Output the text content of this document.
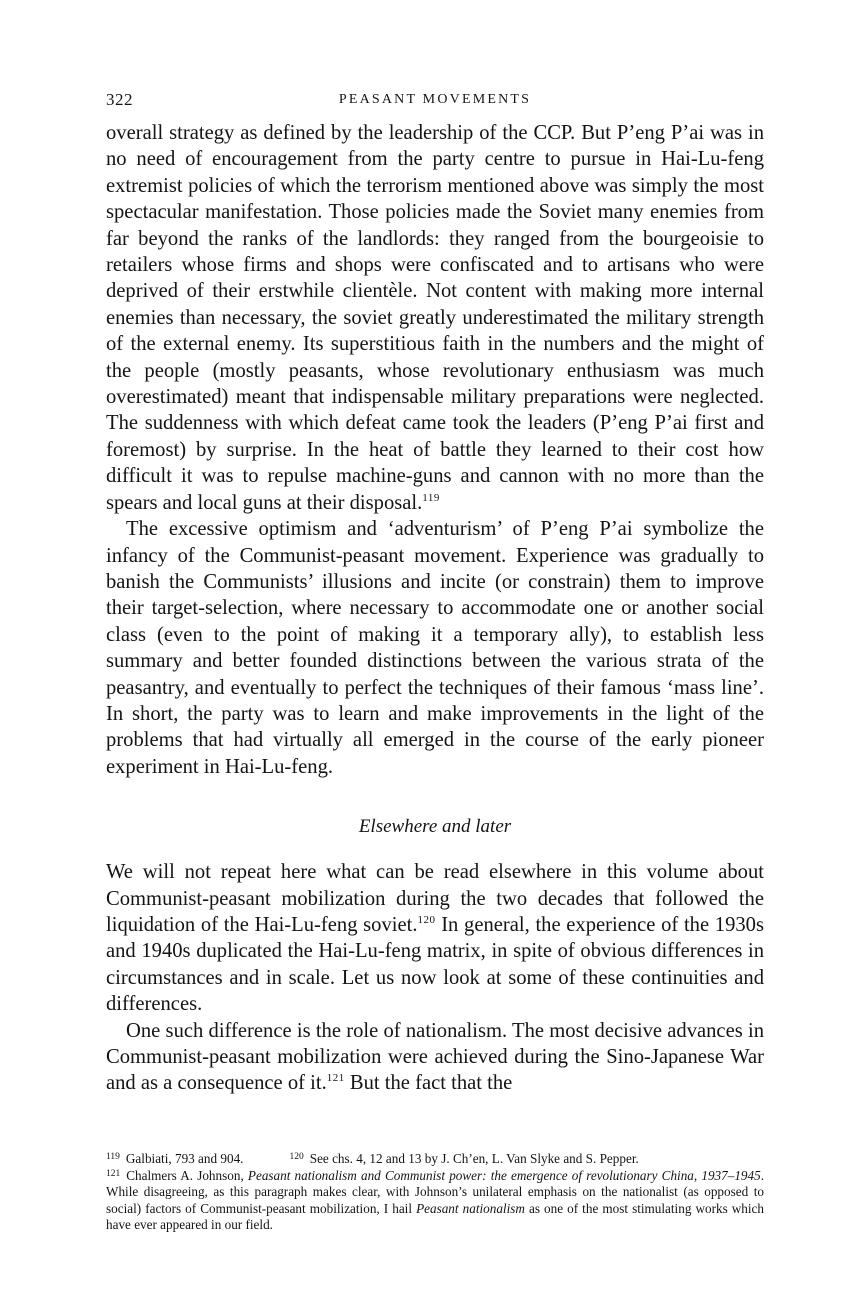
322	PEASANT MOVEMENTS

overall strategy as defined by the leadership of the CCP. But P’eng P’ai was in no need of encouragement from the party centre to pursue in Hai-Lu-feng extremist policies of which the terrorism mentioned above was simply the most spectacular manifestation. Those policies made the Soviet many enemies from far beyond the ranks of the landlords: they ranged from the bourgeoisie to retailers whose firms and shops were confiscated and to artisans who were deprived of their erstwhile clientèle. Not content with making more internal enemies than necessary, the soviet greatly underestimated the military strength of the external enemy. Its superstitious faith in the numbers and the might of the people (mostly peasants, whose revolutionary enthusiasm was much overestimated) meant that indispensable military preparations were neglected. The suddenness with which defeat came took the leaders (P’eng P’ai first and foremost) by surprise. In the heat of battle they learned to their cost how difficult it was to repulse machine-guns and cannon with no more than the spears and local guns at their disposal.$^{119}$

The excessive optimism and ‘adventurism’ of P’eng P’ai symbolize the infancy of the Communist-peasant movement. Experience was gradually to banish the Communists’ illusions and incite (or constrain) them to improve their target-selection, where necessary to accommodate one or another social class (even to the point of making it a temporary ally), to establish less summary and better founded distinctions between the various strata of the peasantry, and eventually to perfect the techniques of their famous ‘mass line’. In short, the party was to learn and make improvements in the light of the problems that had virtually all emerged in the course of the early pioneer experiment in Hai-Lu-feng.

Elsewhere and later

We will not repeat here what can be read elsewhere in this volume about Communist-peasant mobilization during the two decades that followed the liquidation of the Hai-Lu-feng soviet.$^{120}$ In general, the experience of the 1930s and 1940s duplicated the Hai-Lu-feng matrix, in spite of obvious differences in circumstances and in scale. Let us now look at some of these continuities and differences.

One such difference is the role of nationalism. The most decisive advances in Communist-peasant mobilization were achieved during the Sino-Japanese War and as a consequence of it.$^{121}$ But the fact that the

$^{119}$ Galbiati, 793 and 904.	$^{120}$ See chs. 4, 12 and 13 by J. Ch’en, L. Van Slyke and S. Pepper.
$^{121}$ Chalmers A. Johnson, Peasant nationalism and Communist power: the emergence of revolutionary China, 1937–1945. While disagreeing, as this paragraph makes clear, with Johnson’s unilateral emphasis on the nationalist (as opposed to social) factors of Communist-peasant mobilization, I hail Peasant nationalism as one of the most stimulating works which have ever appeared in our field.
